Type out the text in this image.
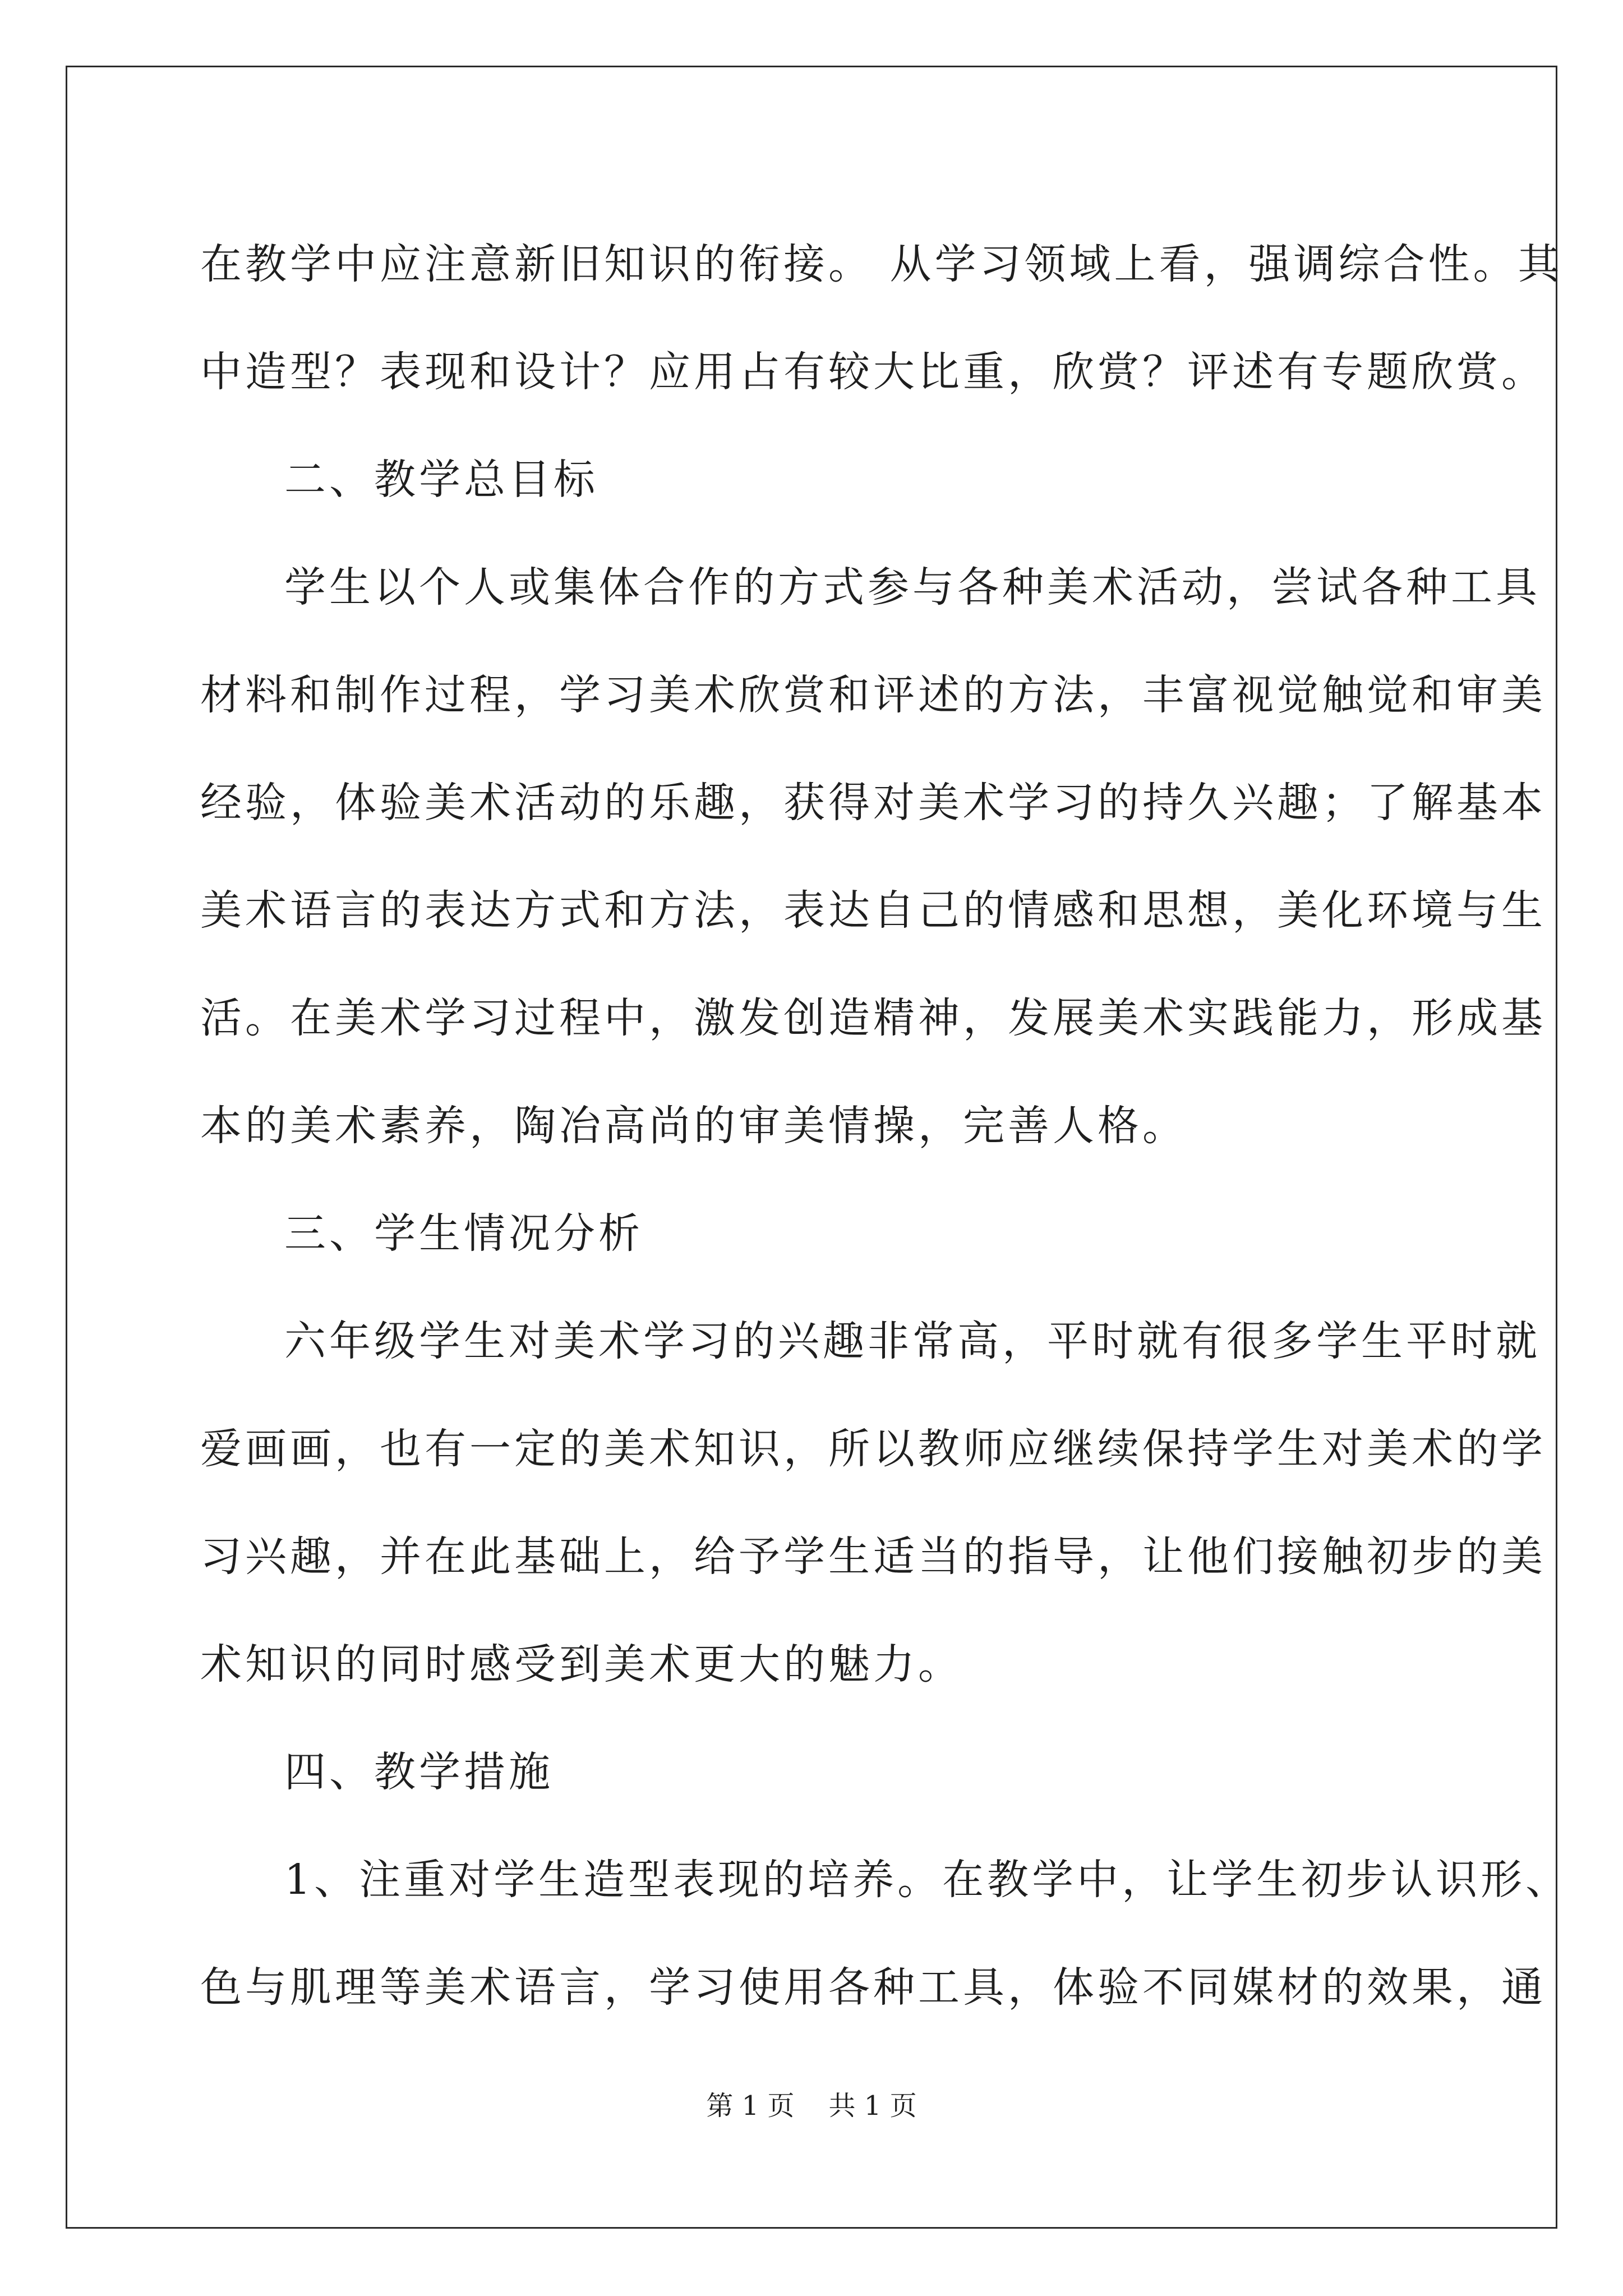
在教学中应注意新旧知识的衔接。 从学习领域上看，强调综合性。其
中造型？表现和设计？应用占有较大比重，欣赏？评述有专题欣赏。
二、教学总目标
学生以个人或集体合作的方式参与各种美术活动，尝试各种工具
材料和制作过程，学习美术欣赏和评述的方法，丰富视觉触觉和审美
经验，体验美术活动的乐趣，获得对美术学习的持久兴趣；了解基本
美术语言的表达方式和方法，表达自己的情感和思想，美化环境与生
活。在美术学习过程中，激发创造精神，发展美术实践能力，形成基
本的美术素养，陶冶高尚的审美情操，完善人格。
三、学生情况分析
六年级学生对美术学习的兴趣非常高，平时就有很多学生平时就
爱画画，也有一定的美术知识，所以教师应继续保持学生对美术的学
习兴趣，并在此基础上，给予学生适当的指导，让他们接触初步的美
术知识的同时感受到美术更大的魅力。
四、教学措施
1、注重对学生造型表现的培养。在教学中，让学生初步认识形、
色与肌理等美术语言，学习使用各种工具，体验不同媒材的效果，通
第 1 页    共 1 页
